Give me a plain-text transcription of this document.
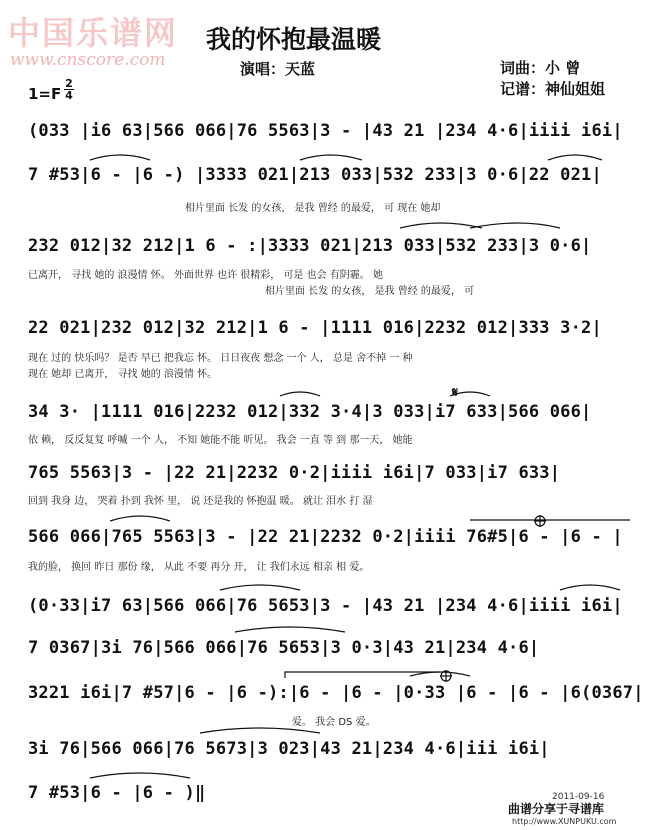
中国乐谱网
www.cnscore.com
我的怀抱最温暖
演唱：天蓝	词曲：小 曾
记谱：神仙姐姐
1=F
2
4
(033 |i6 63|566 066|76 5563|3 - |43 21 |234 4·6|iiii i6i|
7 #53|6 - |6 -) |3333 021|213 033|532 233|3 0·6|22 021|
相片里面 长发 的女孩， 是我 曾经 的最爱， 可 现在 她却
232 012|32 212|1 6 - :|3333 021|213 033|532 233|3 0·6|
已离开， 寻找 她的 浪漫情 怀。 外面世界 也许 很精彩， 可是 也会 有阴霾。 她
相片里面 长发 的女孩， 是我 曾经 的最爱， 可
22 021|232 012|32 212|1 6 - |1111 016|2232 012|333 3·2|
现在 过的 快乐吗？ 是否 早已 把我忘 怀。 日日夜夜 想念 一个 人， 总是 舍不掉 一 种
现在 她却 已离开， 寻找 她的 浪漫情 怀。
𝄋
34 3· |1111 016|2232 012|332 3·4|3 033|i7 633|566 066|
依 赖， 反反复复 呼喊 一个 人， 不知 她能不能 听见。 我会 一直 等 到 那一天， 她能
765 5563|3 - |22 21|2232 0·2|iiii i6i|7 033|i7 633|
回到 我身 边， 哭着 扑到 我怀 里， 说 还是我的 怀抱温 暖。 就让 泪水 打 湿
566 066|765 5563|3 - |22 21|2232 0·2|iiii 76#5|6 - |6 - |
我的脸， 换回 昨日 那份 缘， 从此 不要 再分 开， 让 我们永远 相亲 相 爱。
(0·33|i7 63|566 066|76 5653|3 - |43 21 |234 4·6|iiii i6i|
7 0367|3i 76|566 066|76 5653|3 0·3|43 21|234 4·6|
3221 i6i|7 #57|6 - |6 -):|6 - |6 - |0·33 |6 - |6 - |6(0367|
爱。 我会 DS 爱。
3i 76|566 066|76 5673|3 023|43 21|234 4·6|iii i6i|
7 #53|6 - |6 - )‖	2011-09-16
曲谱分享于寻谱库
http://www.XUNPUKU.com
